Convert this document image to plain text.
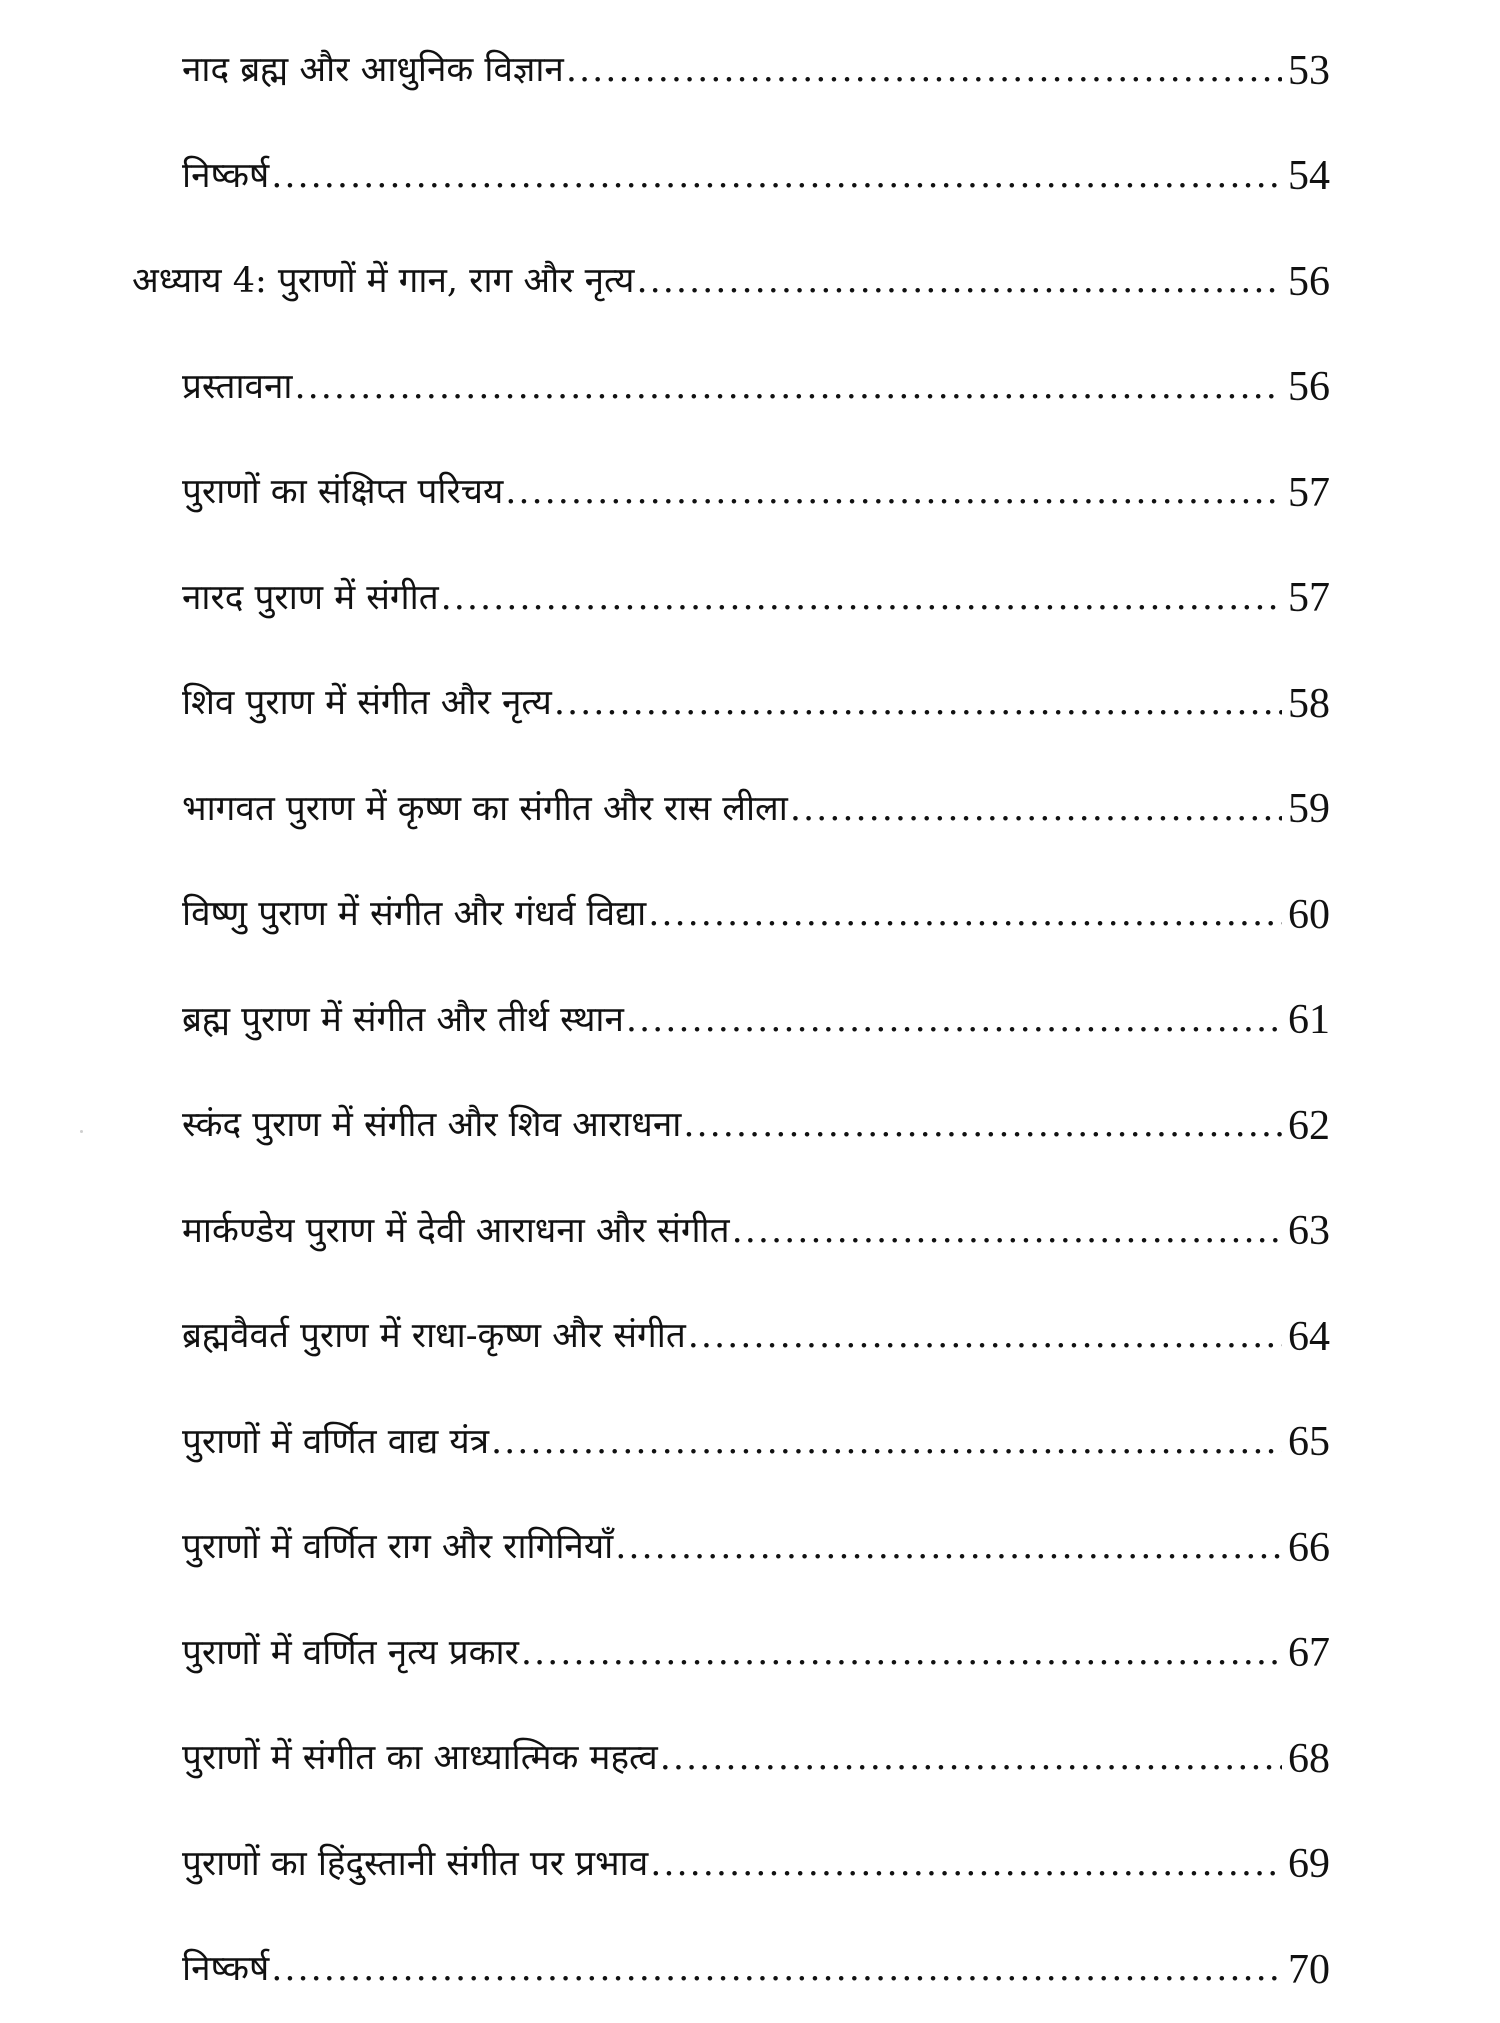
नाद ब्रह्म और आधुनिक विज्ञान .....	53
निष्कर्ष .....	54
अध्याय 4: पुराणों में गान, राग और नृत्य .....	56
प्रस्तावना .....	56
पुराणों का संक्षिप्त परिचय .....	57
नारद पुराण में संगीत .....	57
शिव पुराण में संगीत और नृत्य .....	58
भागवत पुराण में कृष्ण का संगीत और रास लीला .....	59
विष्णु पुराण में संगीत और गंधर्व विद्या .....	60
ब्रह्म पुराण में संगीत और तीर्थ स्थान .....	61
स्कंद पुराण में संगीत और शिव आराधना .....	62
मार्कण्डेय पुराण में देवी आराधना और संगीत .....	63
ब्रह्मवैवर्त पुराण में राधा-कृष्ण और संगीत .....	64
पुराणों में वर्णित वाद्य यंत्र .....	65
पुराणों में वर्णित राग और रागिनियाँ .....	66
पुराणों में वर्णित नृत्य प्रकार .....	67
पुराणों में संगीत का आध्यात्मिक महत्व .....	68
पुराणों का हिंदुस्तानी संगीत पर प्रभाव .....	69
निष्कर्ष .....	70
